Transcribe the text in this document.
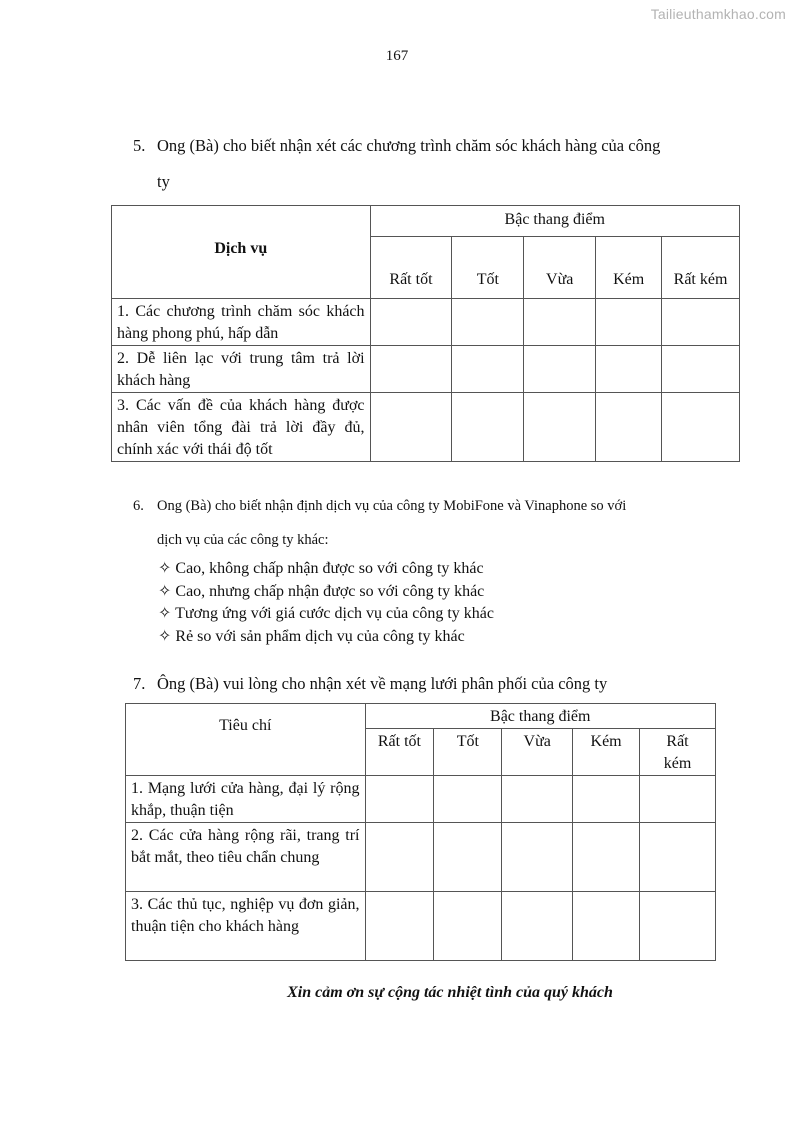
Tailieuthamkhao.com
167
5. Ong (Bà) cho biết nhận xét các chương trình chăm sóc khách hàng của công
ty
Dịch vụ	Bậc thang điểm				
	Rất tốt	Tốt	Vừa	Kém	Rất kém

1. Các chương trình chăm sóc khách hàng phong phú, hấp dẫn					

2. Dễ liên lạc với trung tâm trả lời khách hàng					

3. Các vấn đề của khách hàng được nhân viên tổng đài trả lời đầy đủ, chính xác với thái độ tốt					

6. Ong (Bà) cho biết nhận định dịch vụ của công ty MobiFone và Vinaphone so với
dịch vụ của các công ty khác:
✧ Cao, không chấp nhận được so với công ty khác
✧ Cao, nhưng chấp nhận được so với công ty khác
✧ Tương ứng với giá cước dịch vụ của công ty khác
✧ Rẻ so với sản phẩm dịch vụ của công ty khác
7. Ông (Bà) vui lòng cho nhận xét về mạng lưới phân phối của công ty
Tiêu chí	Bậc thang điểm				
	Rất tốt	Tốt	Vừa	Kém	Rất kém

1. Mạng lưới cửa hàng, đại lý rộng khắp, thuận tiện					

2. Các cửa hàng rộng rãi, trang trí bắt mắt, theo tiêu chẩn chung					

3. Các thủ tục, nghiệp vụ đơn giản, thuận tiện cho khách hàng					

Xin cảm ơn sự cộng tác nhiệt tình của quý khách
